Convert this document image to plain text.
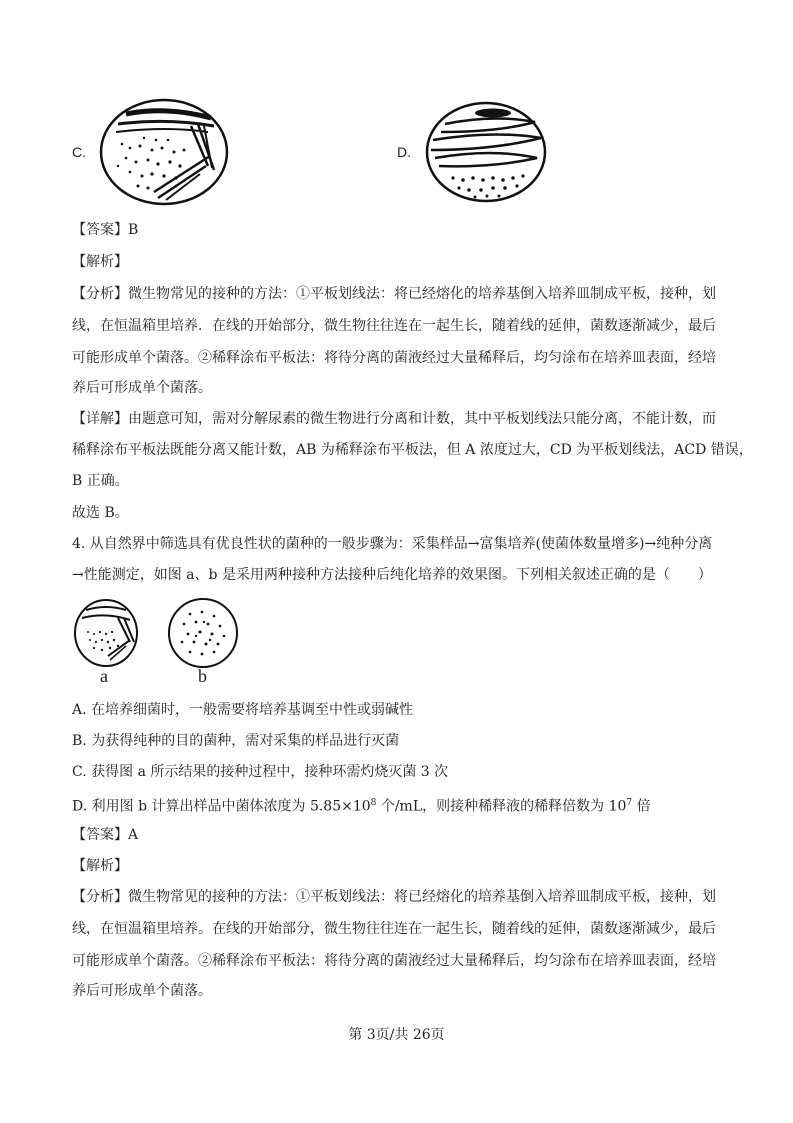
C.	D.
【答案】B
【解析】
【分析】微生物常见的接种的方法：①平板划线法：将已经熔化的培养基倒入培养皿制成平板，接种，划
线，在恒温箱里培养．在线的开始部分，微生物往往连在一起生长，随着线的延伸，菌数逐渐减少，最后
可能形成单个菌落。②稀释涂布平板法：将待分离的菌液经过大量稀释后，均匀涂布在培养皿表面，经培
养后可形成单个菌落。
【详解】由题意可知，需对分解尿素的微生物进行分离和计数，其中平板划线法只能分离，不能计数，而
稀释涂布平板法既能分离又能计数，AB 为稀释涂布平板法，但 A 浓度过大，CD 为平板划线法，ACD 错误，
B 正确。
故选 B。
4. 从自然界中筛选具有优良性状的菌种的一般步骤为：采集样品→富集培养(使菌体数量增多)→纯种分离
→性能测定，如图 a、b 是采用两种接种方法接种后纯化培养的效果图。下列相关叙述正确的是（　　）
a	b
A. 在培养细菌时，一般需要将培养基调至中性或弱碱性
B. 为获得纯种的目的菌种，需对采集的样品进行灭菌
C. 获得图 a 所示结果的接种过程中，接种环需灼烧灭菌 3 次
D. 利用图 b 计算出样品中菌体浓度为 $5.85\times 10^8$ 个/mL，则接种稀释液的稀释倍数为 $10^7$ 倍
【答案】A
【解析】
【分析】微生物常见的接种的方法：①平板划线法：将已经熔化的培养基倒入培养皿制成平板，接种，划
线，在恒温箱里培养。在线的开始部分，微生物往往连在一起生长，随着线的延伸，菌数逐渐减少，最后
可能形成单个菌落。②稀释涂布平板法：将待分离的菌液经过大量稀释后，均匀涂布在培养皿表面，经培
养后可形成单个菌落。
第 3页/共 26页
